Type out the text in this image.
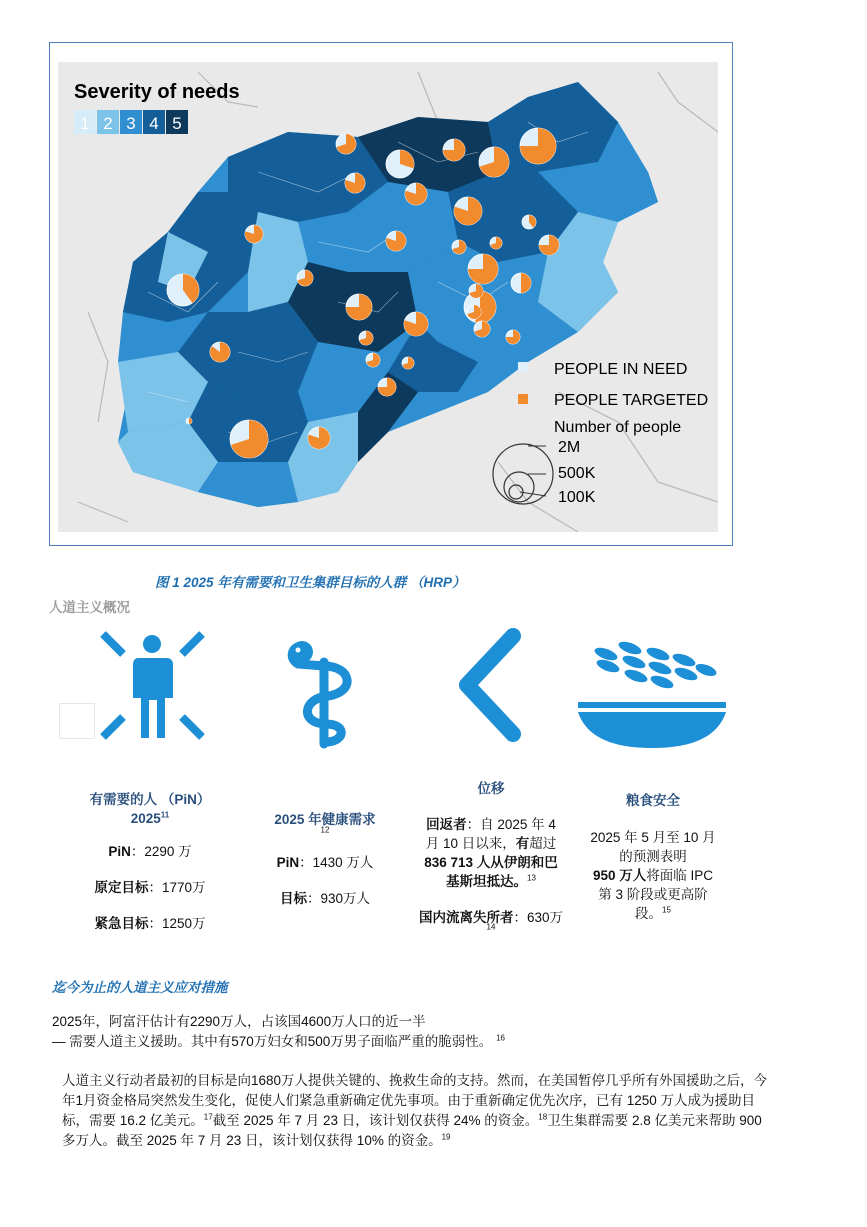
Severity of needs
1 2 3 4 5
PEOPLE IN NEED
PEOPLE TARGETED
Number of people
2M
500K
100K
图 1 2025 年有需要和卫生集群目标的人群 （HRP）
人道主义概况

有需要的人 （PiN）

2025$^{11}$

PiN：2290 万

原定目标：1770万

紧急目标：1250万

2025 年健康需求

$^{12}$

PiN：1430 万人

目标：930万人

位移

回返者：自 2025 年 4

月 10 日以来，有超过

836 713 人从伊朗和巴

基斯坦抵达。$^{13}$

国内流离失所者：630万

$^{14}$

粮食安全

2025 年 5 月至 10 月

的预测表明

950 万人将面临 IPC

第 3 阶段或更高阶

段。$^{15}$

迄今为止的人道主义应对措施
2025年，阿富汗估计有2290万人，占该国4600万人口的近一半
— 需要人道主义援助。其中有570万妇女和500万男子面临严重的脆弱性。 $^{16}$
人道主义行动者最初的目标是向1680万人提供关键的、挽救生命的支持。然而，在美国暂停几乎所有外国援助之后，今
年1月资金格局突然发生变化，促使人们紧急重新确定优先事项。由于重新确定优先次序，已有 1250 万人成为援助目
标，需要 16.2 亿美元。$^{17}$截至 2025 年 7 月 23 日，该计划仅获得 24% 的资金。$^{18}$卫生集群需要 2.8 亿美元来帮助 900
多万人。截至 2025 年 7 月 23 日，该计划仅获得 10% 的资金。$^{19}$
